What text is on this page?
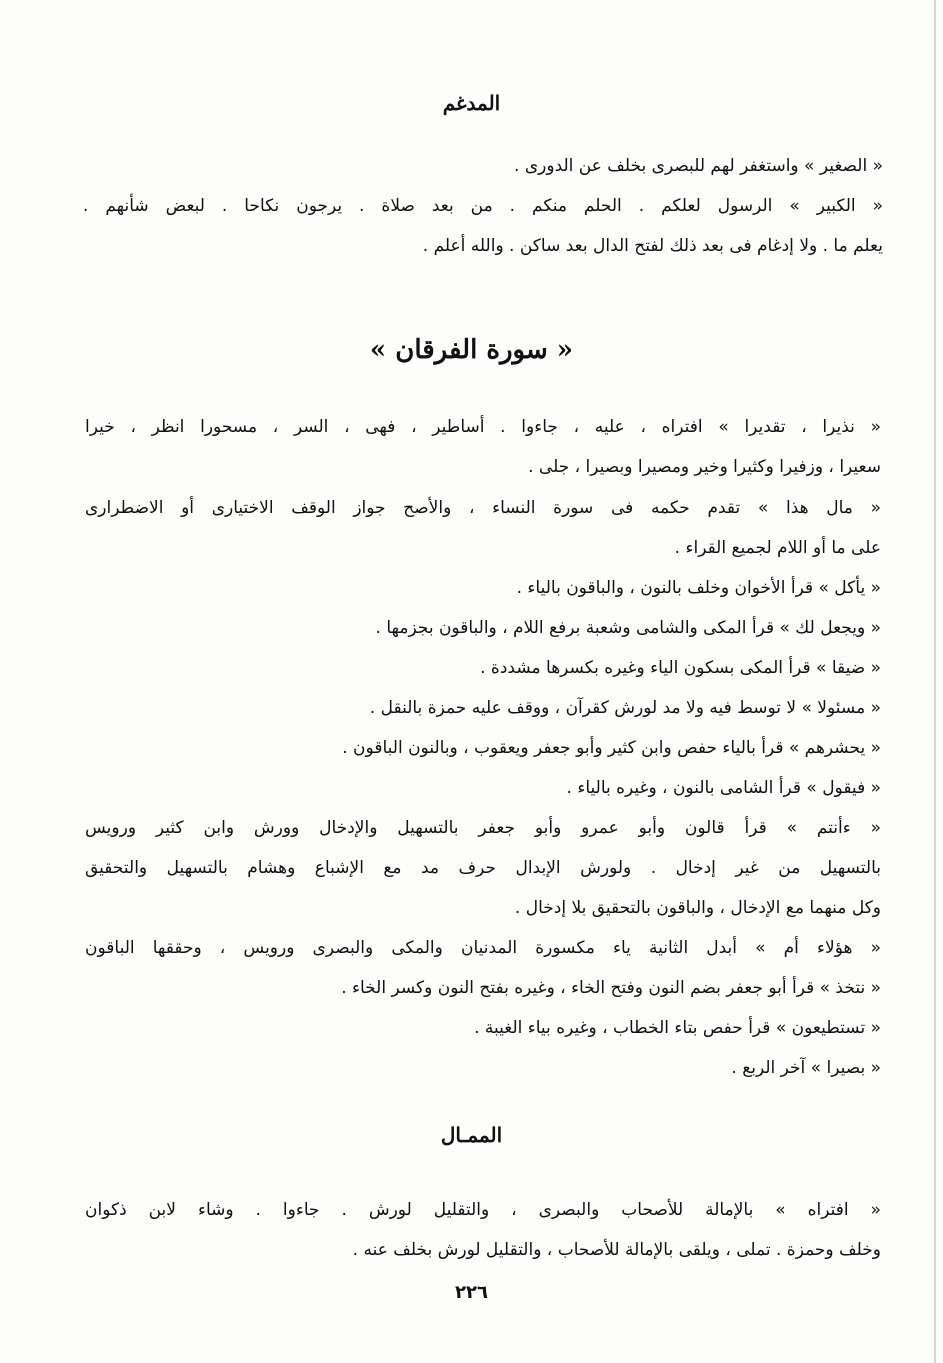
المدغم
« الصغير » واستغفر لهم للبصرى بخلف عن الدورى .
« الكبير » الرسول لعلكم . الحلم منكم . من بعد صلاة . يرجون نكاحا . لبعض شأنهم .
يعلم ما . ولا إدغام فى بعد ذلك لفتح الدال بعد ساكن . والله أعلم .
« سورة الفرقان »
« نذيرا ، تقديرا » افتراه ، عليه ، جاءوا . أساطير ، فهى ، السر ، مسحورا انظر ، خيرا
سعيرا ، وزفيرا وكثيرا وخير ومصيرا وبصيرا ، جلى .
« مال هذا » تقدم حكمه فى سورة النساء ، والأصح جواز الوقف الاختيارى أو الاضطرارى
على ما أو اللام لجميع القراء .
« يأكل » قرأ الأخوان وخلف بالنون ، والباقون بالياء .
« ويجعل لك » قرأ المكى والشامى وشعبة برفع اللام ، والباقون بجزمها .
« ضيقا » قرأ المكى بسكون الياء وغيره بكسرها مشددة .
« مسئولا » لا توسط فيه ولا مد لورش كقرآن ، ووقف عليه حمزة بالنقل .
« يحشرهم » قرأ بالياء حفص وابن كثير وأبو جعفر ويعقوب ، وبالنون الباقون .
« فيقول » قرأ الشامى بالنون ، وغيره بالياء .
« ءأنتم » قرأ قالون وأبو عمرو وأبو جعفر بالتسهيل والإدخال وورش وابن كثير ورويس
بالتسهيل من غير إدخال . ولورش الإبدال حرف مد مع الإشباع وهشام بالتسهيل والتحقيق
وكل منهما مع الإدخال ، والباقون بالتحقيق بلا إدخال .
« هؤلاء أم » أبدل الثانية ياء مكسورة المدنيان والمكى والبصرى ورويس ، وحققها الباقون
« نتخذ » قرأ أبو جعفر بضم النون وفتح الخاء ، وغيره بفتح النون وكسر الخاء .
« تستطيعون » قرأ حفص بتاء الخطاب ، وغيره بياء الغيبة .
« بصيرا » آخر الربع .
الممـال
« افتراه » بالإمالة للأصحاب والبصرى ، والتقليل لورش . جاءوا . وشاء لابن ذكوان
وخلف وحمزة . تملى ، ويلقى بالإمالة للأصحاب ، والتقليل لورش بخلف عنه .
٢٢٦
